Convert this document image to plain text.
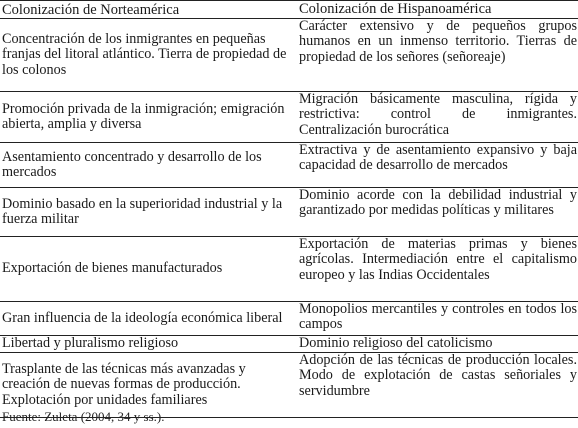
Colonización de Norteamérica	Colonización de Hispanoamérica
Concentración de los inmigrantes en pequeñas franjas del litoral atlántico. Tierra de propiedad de los colonos
Carácter extensivo y de pequeños grupos humanos en un inmenso territorio. Tierras de propiedad de los señores (señoreaje)
Promoción privada de la inmigración; emigración abierta, amplia y diversa
Migración básicamente masculina, rígida y restrictiva: control de inmigrantes. Centralización burocrática
Asentamiento concentrado y desarrollo de los mercados
Extractiva y de asentamiento expansivo y baja capacidad de desarrollo de mercados
Dominio basado en la superioridad industrial y la fuerza militar
Dominio acorde con la debilidad industrial y garantizado por medidas políticas y militares
Exportación de bienes manufacturados
Exportación de materias primas y bienes agrícolas. Intermediación entre el capitalismo europeo y las Indias Occidentales
Gran influencia de la ideología económica liberal
Monopolios mercantiles y controles en todos los campos
Libertad y pluralismo religioso	Dominio religioso del catolicismo
Trasplante de las técnicas más avanzadas y creación de nuevas formas de producción. Explotación por unidades familiares
Adopción de las técnicas de producción locales. Modo de explotación de castas señoriales y servidumbre
Fuente: Zuleta (2004, 34 y ss.).
